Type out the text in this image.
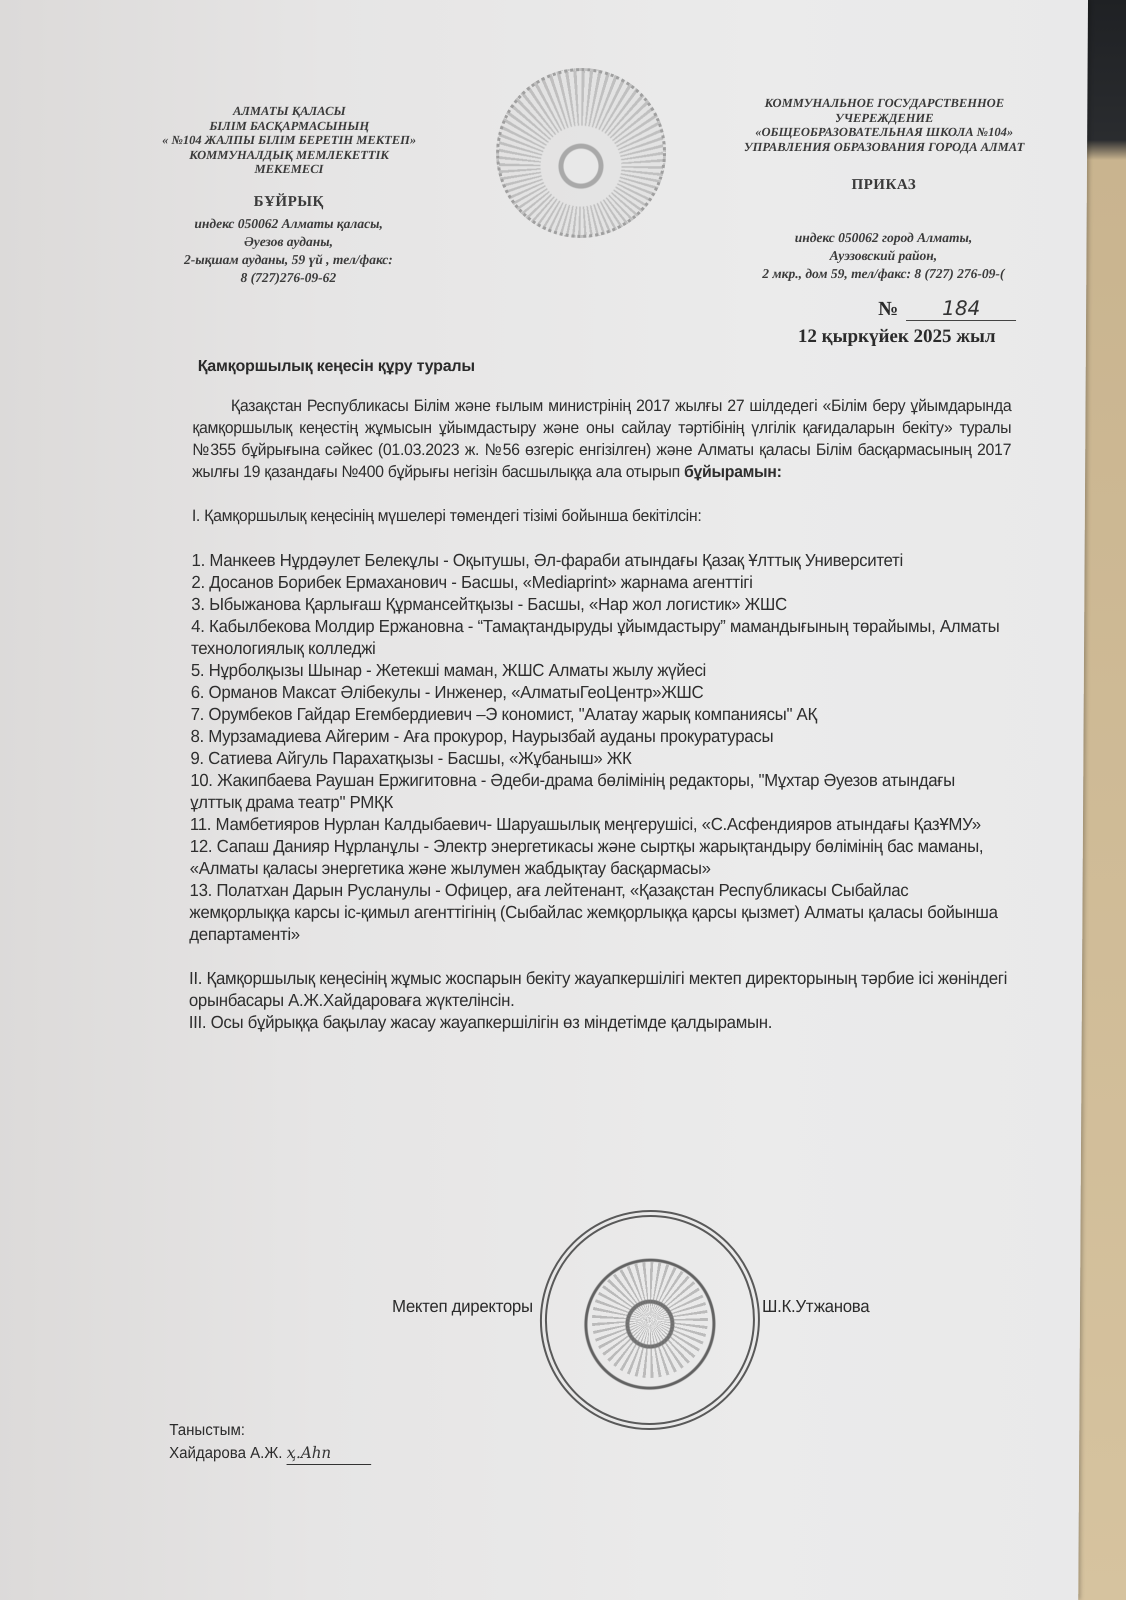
АЛМАТЫ ҚАЛАСЫ
БІЛІМ БАСҚАРМАСЫНЫҢ
« №104 ЖАЛПЫ БІЛІМ БЕРЕТІН МЕКТЕП»
КОММУНАЛДЫҚ МЕМЛЕКЕТТІК
МЕКЕМЕСІ
БҰЙРЫҚ
индекс 050062 Алматы қаласы,
Әуезов ауданы,
2-ықшам ауданы, 59 үй , тел/факс:
8 (727)276-09-62
КОММУНАЛЬНОЕ ГОСУДАРСТВЕННОЕ
УЧЕРЕЖДЕНИЕ
«ОБЩЕОБРАЗОВАТЕЛЬНАЯ ШКОЛА №104»
УПРАВЛЕНИЯ ОБРАЗОВАНИЯ ГОРОДА АЛМАТ
ПРИКАЗ
индекс 050062 город Алматы,
Ауэзовский район,
2 мкр., дом 59, тел/факс: 8 (727) 276-09-(
№ 184
12 қыркүйек 2025 жыл
Қамқоршылық кеңесін құру туралы

Қазақстан Республикасы Білім және ғылым министрінің 2017 жылғы 27 шілдедегі «Білім беру ұйымдарында қамқоршылық кеңестің жұмысын ұйымдастыру және оны сайлау тәртібінің үлгілік қағидаларын бекіту» туралы №355 бұйрығына сәйкес (01.03.2023 ж. №56 өзгеріс енгізілген) және Алматы қаласы Білім басқармасының 2017 жылғы 19 қазандағы №400 бұйрығы негізін басшылыққа ала отырып бұйырамын:

I. Қамқоршылық кеңесінің мүшелері төмендегі тізімі бойынша бекітілсін:
1. Манкеев Нұрдәулет Белекұлы - Оқытушы, Әл-фараби атындағы Қазақ Ұлттық Университеті
2. Досанов Борибек Ермаханович - Басшы, «Mediaprint» жарнама агенттігі
3. Ыбыжанова Қарлығаш Құрмансейтқызы - Басшы, «Нар жол логистик» ЖШС
4. Кабылбекова Молдир Ержановна - “Тамақтандыруды ұйымдастыру” мамандығының төрайымы, Алматы технологиялық колледжі
5. Нұрболқызы Шынар - Жетекші маман, ЖШС Алматы жылу жүйесі
6. Орманов Максат Әлібекулы - Инженер, «АлматыГеоЦентр»ЖШС
7. Орумбеков Гайдар Егембердиевич –Э кономист, "Алатау жарық компаниясы" АҚ
8. Мурзамадиева Айгерим - Аға прокурор, Наурызбай ауданы прокуратурасы
9. Сатиева Айгуль Парахатқызы - Басшы, «Жұбаныш» ЖК
10. Жакипбаева Раушан Ержигитовна - Әдеби-драма бөлімінің редакторы, "Мұхтар Әуезов атындағы ұлттық драма театр" РМҚК
11. Мамбетияров Нурлан Калдыбаевич- Шаруашылық меңгерушісі, «С.Асфендияров атындағы ҚазҰМУ»
12. Сапаш Данияр Нұрланұлы - Электр энергетикасы және сыртқы жарықтандыру бөлімінің бас маманы, «Алматы қаласы энергетика және жылумен жабдықтау басқармасы»
13. Полатхан Дарын Русланулы - Офицер, аға лейтенант, «Қазақстан Республикасы Сыбайлас жемқорлыққа карсы іс-қимыл агенттігінің (Сыбайлас жемқорлыққа қарсы қызмет) Алматы қаласы бойынша департаменті»
II. Қамқоршылық кеңесінің жұмыс жоспарын бекіту жауапкершілігі мектеп директорының тәрбие ісі жөніндегі орынбасары А.Ж.Хайдароваға жүктелінсін.
III. Осы бұйрыққа бақылау жасау жауапкершілігін өз міндетімде қалдырамын.
Мектеп директоры	Ш.К.Утжанова
Таныстым:
Хайдарова А.Ж. ҳ.Ahn
